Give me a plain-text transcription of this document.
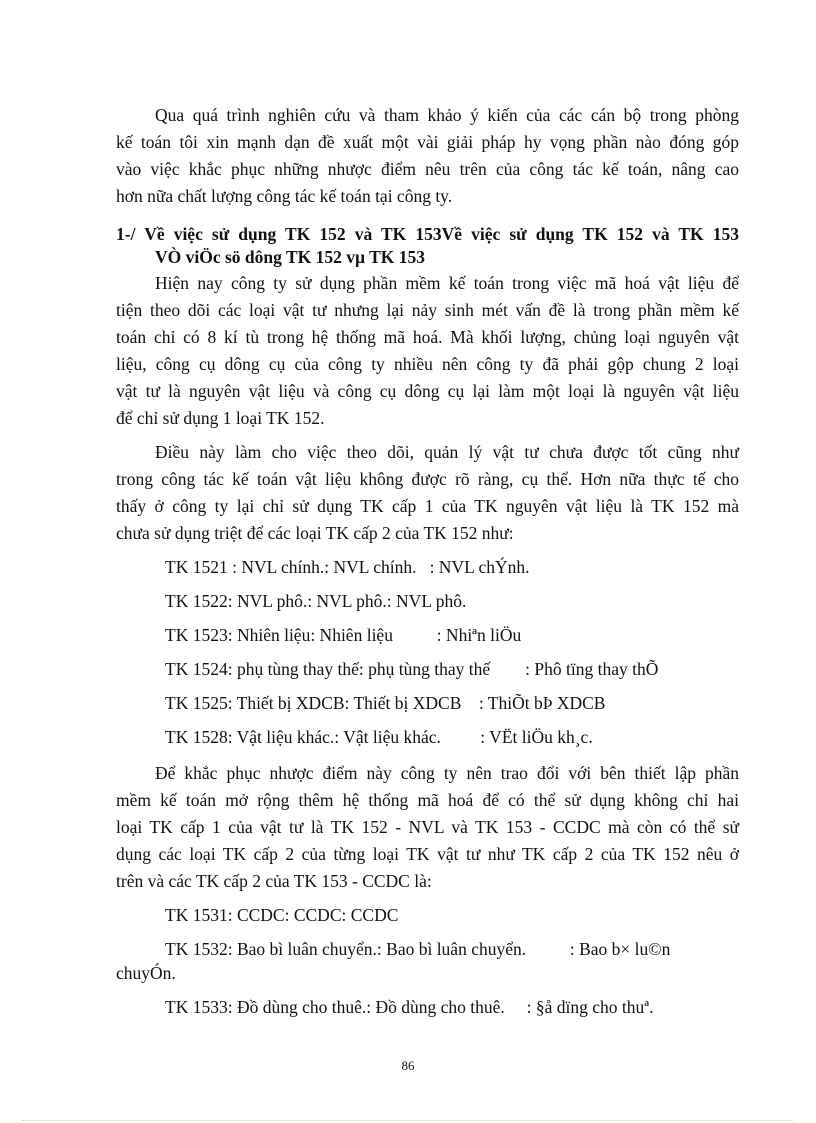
Qua quá trình nghiên cứu và tham khảo ý kiến của các cán bộ trong phòng
kế toán tôi xin mạnh dạn đề xuất một vài giải pháp hy vọng phần nào đóng góp
vào việc khắc phục những nhược điểm nêu trên của công tác kế toán, nâng cao
hơn nữa chất lượng công tác kế toán tại công ty.
1-/ Về việc sử dụng TK 152 và TK 153Về việc sử dụng TK 152 và TK 153
VÒ viÖc sö dông TK 152 vµ TK 153
Hiện nay công ty sử dụng phần mềm kế toán trong việc mã hoá vật liệu để
tiện theo dõi các loại vật tư nhưng lại nảy sinh mét vấn đề là trong phần mềm kế
toán chỉ có 8 kí tù trong hệ thống mã hoá. Mà khối lượng, chủng loại nguyên vật
liệu, công cụ dông cụ của công ty nhiều nên công ty đã phải gộp chung 2 loại
vật tư là nguyên vật liệu và công cụ dông cụ lại làm một loại là nguyên vật liệu
để chỉ sử dụng 1 loại TK 152.
Điều này làm cho việc theo dõi, quản lý vật tư chưa được tốt cũng như
trong công tác kế toán vật liệu không được rõ ràng, cụ thể. Hơn nữa thực tế cho
thấy ở công ty lại chỉ sử dụng TK cấp 1 của TK nguyên vật liệu là TK 152 mà
chưa sử dụng triệt để các loại TK cấp 2 của TK 152 như:
TK 1521 : NVL chính.: NVL chính.   : NVL chÝnh.
TK 1522: NVL phô.: NVL phô.: NVL phô.
TK 1523: Nhiên liệu: Nhiên liệu          : Nhiªn liÖu
TK 1524: phụ tùng thay thế: phụ tùng thay thế        : Phô tïng thay thÕ
TK 1525: Thiết bị XDCB: Thiết bị XDCB    : ThiÕt bÞ XDCB
TK 1528: Vật liệu khác.: Vật liệu khác.         : VËt liÖu kh¸c.
Để khắc phục nhược điểm này công ty nên trao đổi với bên thiết lập phần
mềm kế toán mở rộng thêm hệ thống mã hoá để có thể sử dụng không chỉ hai
loại TK cấp 1 của vật tư là TK 152 - NVL và TK 153 - CCDC mà còn có thể sử
dụng các loại TK cấp 2 của từng loại TK vật tư như TK cấp 2 của TK 152 nêu ở
trên và các TK cấp 2 của TK 153 - CCDC là:
TK 1531: CCDC: CCDC: CCDC
TK 1532: Bao bì luân chuyển.: Bao bì luân chuyển.          : Bao b× lu©n
chuyÓn.
TK 1533: Đồ dùng cho thuê.: Đồ dùng cho thuê.     : §å dïng cho thuª.
86
